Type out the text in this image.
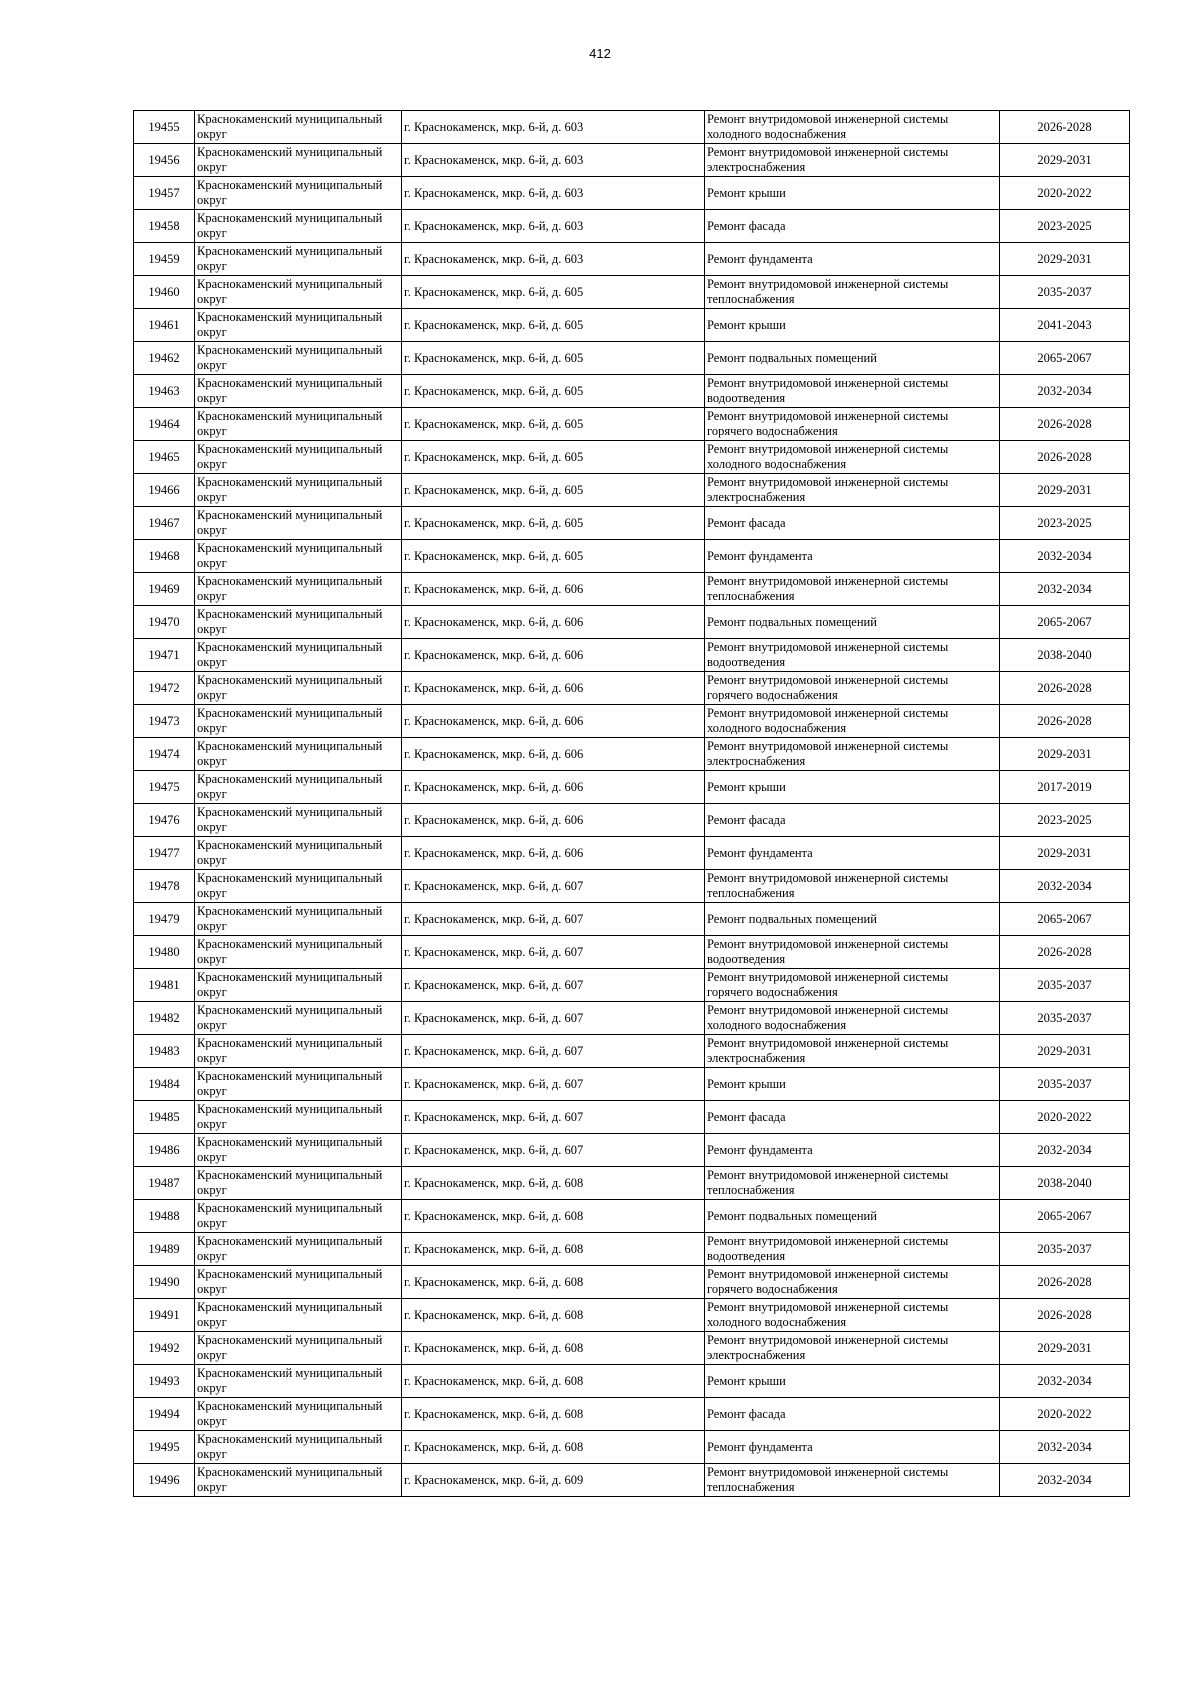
412
19455	Краснокаменский муниципальный округ	г. Краснокаменск, мкр. 6-й, д. 603	Ремонт внутридомовой инженерной системы холодного водоснабжения	2026-2028
19456	Краснокаменский муниципальный округ	г. Краснокаменск, мкр. 6-й, д. 603	Ремонт внутридомовой инженерной системы электроснабжения	2029-2031
19457	Краснокаменский муниципальный округ	г. Краснокаменск, мкр. 6-й, д. 603	Ремонт крыши	2020-2022
19458	Краснокаменский муниципальный округ	г. Краснокаменск, мкр. 6-й, д. 603	Ремонт фасада	2023-2025
19459	Краснокаменский муниципальный округ	г. Краснокаменск, мкр. 6-й, д. 603	Ремонт фундамента	2029-2031
19460	Краснокаменский муниципальный округ	г. Краснокаменск, мкр. 6-й, д. 605	Ремонт внутридомовой инженерной системы теплоснабжения	2035-2037
19461	Краснокаменский муниципальный округ	г. Краснокаменск, мкр. 6-й, д. 605	Ремонт крыши	2041-2043
19462	Краснокаменский муниципальный округ	г. Краснокаменск, мкр. 6-й, д. 605	Ремонт подвальных помещений	2065-2067
19463	Краснокаменский муниципальный округ	г. Краснокаменск, мкр. 6-й, д. 605	Ремонт внутридомовой инженерной системы водоотведения	2032-2034
19464	Краснокаменский муниципальный округ	г. Краснокаменск, мкр. 6-й, д. 605	Ремонт внутридомовой инженерной системы горячего водоснабжения	2026-2028
19465	Краснокаменский муниципальный округ	г. Краснокаменск, мкр. 6-й, д. 605	Ремонт внутридомовой инженерной системы холодного водоснабжения	2026-2028
19466	Краснокаменский муниципальный округ	г. Краснокаменск, мкр. 6-й, д. 605	Ремонт внутридомовой инженерной системы электроснабжения	2029-2031
19467	Краснокаменский муниципальный округ	г. Краснокаменск, мкр. 6-й, д. 605	Ремонт фасада	2023-2025
19468	Краснокаменский муниципальный округ	г. Краснокаменск, мкр. 6-й, д. 605	Ремонт фундамента	2032-2034
19469	Краснокаменский муниципальный округ	г. Краснокаменск, мкр. 6-й, д. 606	Ремонт внутридомовой инженерной системы теплоснабжения	2032-2034
19470	Краснокаменский муниципальный округ	г. Краснокаменск, мкр. 6-й, д. 606	Ремонт подвальных помещений	2065-2067
19471	Краснокаменский муниципальный округ	г. Краснокаменск, мкр. 6-й, д. 606	Ремонт внутридомовой инженерной системы водоотведения	2038-2040
19472	Краснокаменский муниципальный округ	г. Краснокаменск, мкр. 6-й, д. 606	Ремонт внутридомовой инженерной системы горячего водоснабжения	2026-2028
19473	Краснокаменский муниципальный округ	г. Краснокаменск, мкр. 6-й, д. 606	Ремонт внутридомовой инженерной системы холодного водоснабжения	2026-2028
19474	Краснокаменский муниципальный округ	г. Краснокаменск, мкр. 6-й, д. 606	Ремонт внутридомовой инженерной системы электроснабжения	2029-2031
19475	Краснокаменский муниципальный округ	г. Краснокаменск, мкр. 6-й, д. 606	Ремонт крыши	2017-2019
19476	Краснокаменский муниципальный округ	г. Краснокаменск, мкр. 6-й, д. 606	Ремонт фасада	2023-2025
19477	Краснокаменский муниципальный округ	г. Краснокаменск, мкр. 6-й, д. 606	Ремонт фундамента	2029-2031
19478	Краснокаменский муниципальный округ	г. Краснокаменск, мкр. 6-й, д. 607	Ремонт внутридомовой инженерной системы теплоснабжения	2032-2034
19479	Краснокаменский муниципальный округ	г. Краснокаменск, мкр. 6-й, д. 607	Ремонт подвальных помещений	2065-2067
19480	Краснокаменский муниципальный округ	г. Краснокаменск, мкр. 6-й, д. 607	Ремонт внутридомовой инженерной системы водоотведения	2026-2028
19481	Краснокаменский муниципальный округ	г. Краснокаменск, мкр. 6-й, д. 607	Ремонт внутридомовой инженерной системы горячего водоснабжения	2035-2037
19482	Краснокаменский муниципальный округ	г. Краснокаменск, мкр. 6-й, д. 607	Ремонт внутридомовой инженерной системы холодного водоснабжения	2035-2037
19483	Краснокаменский муниципальный округ	г. Краснокаменск, мкр. 6-й, д. 607	Ремонт внутридомовой инженерной системы электроснабжения	2029-2031
19484	Краснокаменский муниципальный округ	г. Краснокаменск, мкр. 6-й, д. 607	Ремонт крыши	2035-2037
19485	Краснокаменский муниципальный округ	г. Краснокаменск, мкр. 6-й, д. 607	Ремонт фасада	2020-2022
19486	Краснокаменский муниципальный округ	г. Краснокаменск, мкр. 6-й, д. 607	Ремонт фундамента	2032-2034
19487	Краснокаменский муниципальный округ	г. Краснокаменск, мкр. 6-й, д. 608	Ремонт внутридомовой инженерной системы теплоснабжения	2038-2040
19488	Краснокаменский муниципальный округ	г. Краснокаменск, мкр. 6-й, д. 608	Ремонт подвальных помещений	2065-2067
19489	Краснокаменский муниципальный округ	г. Краснокаменск, мкр. 6-й, д. 608	Ремонт внутридомовой инженерной системы водоотведения	2035-2037
19490	Краснокаменский муниципальный округ	г. Краснокаменск, мкр. 6-й, д. 608	Ремонт внутридомовой инженерной системы горячего водоснабжения	2026-2028
19491	Краснокаменский муниципальный округ	г. Краснокаменск, мкр. 6-й, д. 608	Ремонт внутридомовой инженерной системы холодного водоснабжения	2026-2028
19492	Краснокаменский муниципальный округ	г. Краснокаменск, мкр. 6-й, д. 608	Ремонт внутридомовой инженерной системы электроснабжения	2029-2031
19493	Краснокаменский муниципальный округ	г. Краснокаменск, мкр. 6-й, д. 608	Ремонт крыши	2032-2034
19494	Краснокаменский муниципальный округ	г. Краснокаменск, мкр. 6-й, д. 608	Ремонт фасада	2020-2022
19495	Краснокаменский муниципальный округ	г. Краснокаменск, мкр. 6-й, д. 608	Ремонт фундамента	2032-2034
19496	Краснокаменский муниципальный округ	г. Краснокаменск, мкр. 6-й, д. 609	Ремонт внутридомовой инженерной системы теплоснабжения	2032-2034
